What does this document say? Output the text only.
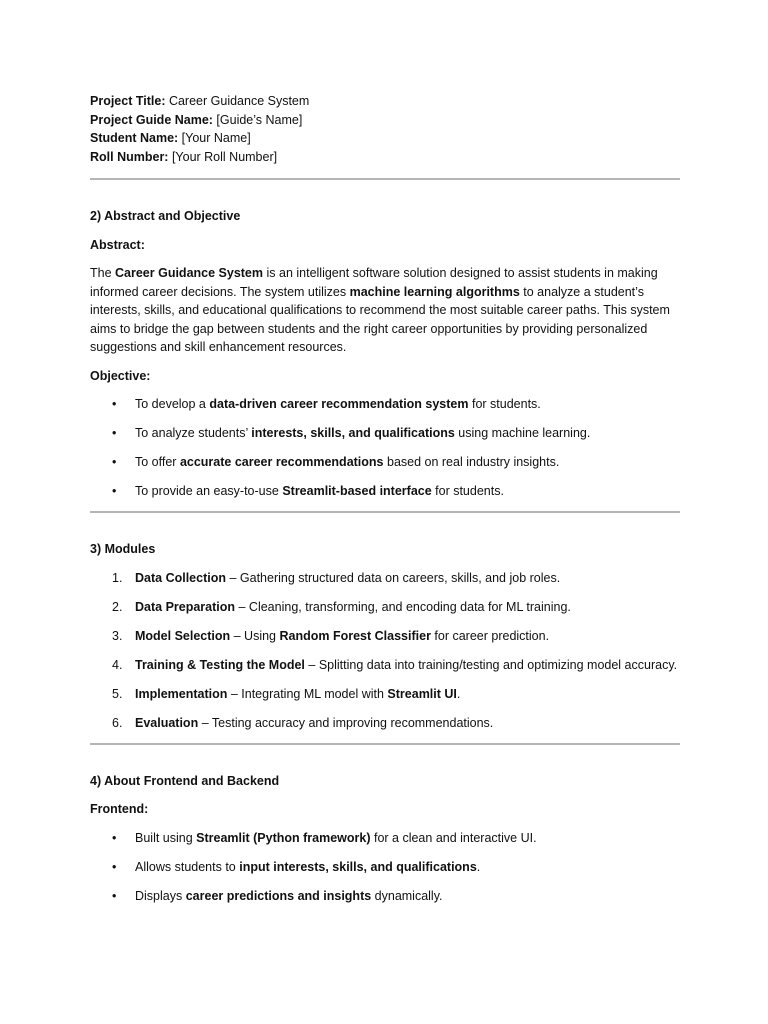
Project Title: Career Guidance System

Project Guide Name: [Guide’s Name]

Student Name: [Your Name]

Roll Number: [Your Roll Number]

2) Abstract and Objective

Abstract:

The Career Guidance System is an intelligent software solution designed to assist students in making informed career decisions. The system utilizes machine learning algorithms to analyze a student’s interests, skills, and educational qualifications to recommend the most suitable career paths. This system aims to bridge the gap between students and the right career opportunities by providing personalized suggestions and skill enhancement resources.

Objective:

• To develop a data-driven career recommendation system for students.
• To analyze students’ interests, skills, and qualifications using machine learning.
• To offer accurate career recommendations based on real industry insights.
• To provide an easy-to-use Streamlit-based interface for students.

3) Modules

1. Data Collection – Gathering structured data on careers, skills, and job roles.
2. Data Preparation – Cleaning, transforming, and encoding data for ML training.
3. Model Selection – Using Random Forest Classifier for career prediction.
4. Training & Testing the Model – Splitting data into training/testing and optimizing model accuracy.
5. Implementation – Integrating ML model with Streamlit UI.
6. Evaluation – Testing accuracy and improving recommendations.

4) About Frontend and Backend

Frontend:

• Built using Streamlit (Python framework) for a clean and interactive UI.
• Allows students to input interests, skills, and qualifications.
• Displays career predictions and insights dynamically.
